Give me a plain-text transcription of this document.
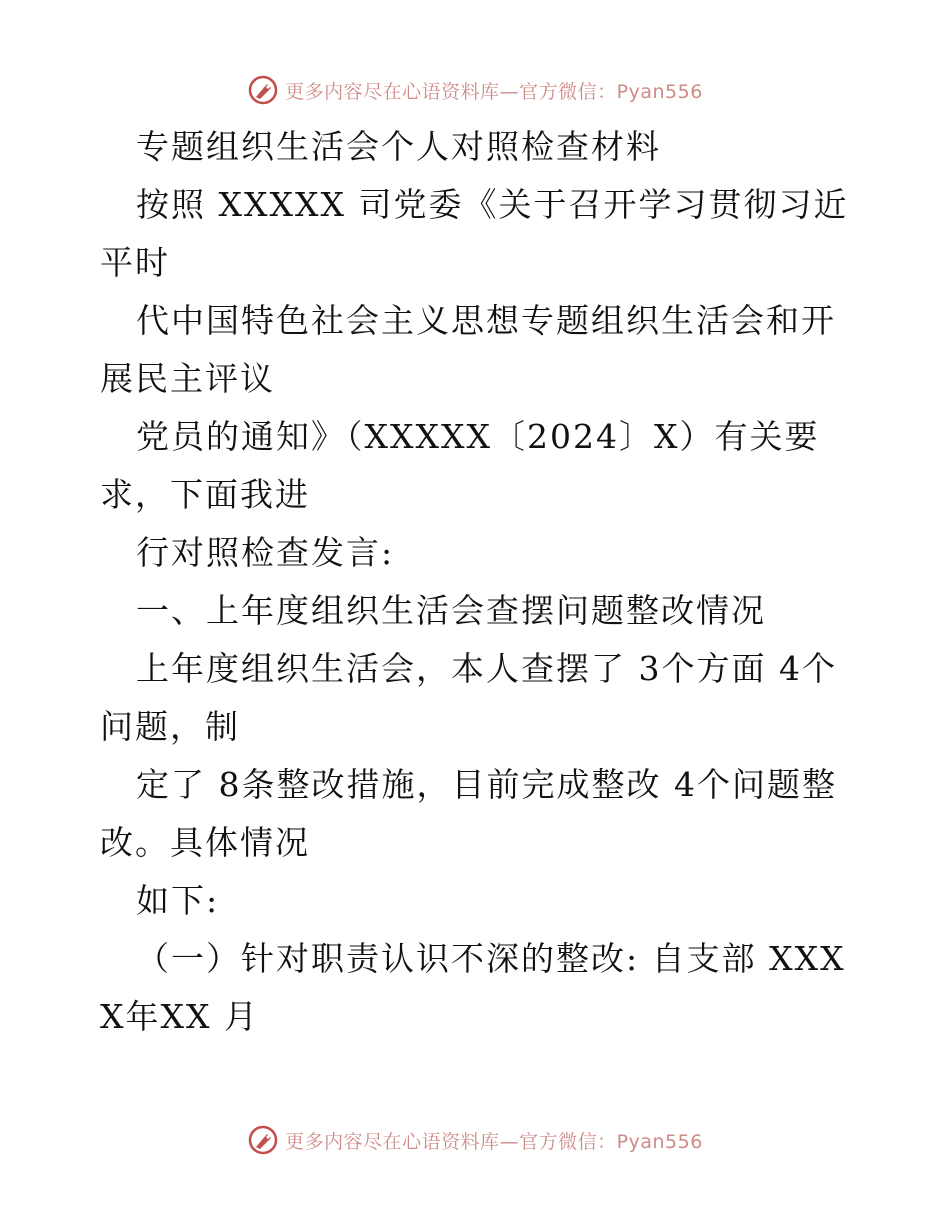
更多内容尽在心语资料库—官方微信：Pyan556

专题组织生活会个人对照检查材料

按照 XXXXX 司党委《关于召开学习贯彻习近平时

代中国特色社会主义思想专题组织生活会和开展民主评议

党员的通知》（XXXXX〔2024〕X）有关要求，下面我进

行对照检查发言:

一、上年度组织生活会查摆问题整改情况

上年度组织生活会，本人查摆了 3个方面 4个问题，制

定了 8条整改措施，目前完成整改 4个问题整改。具体情况

如下:

（一）针对职责认识不深的整改: 自支部 XXXX年XX 月

更多内容尽在心语资料库—官方微信：Pyan556
